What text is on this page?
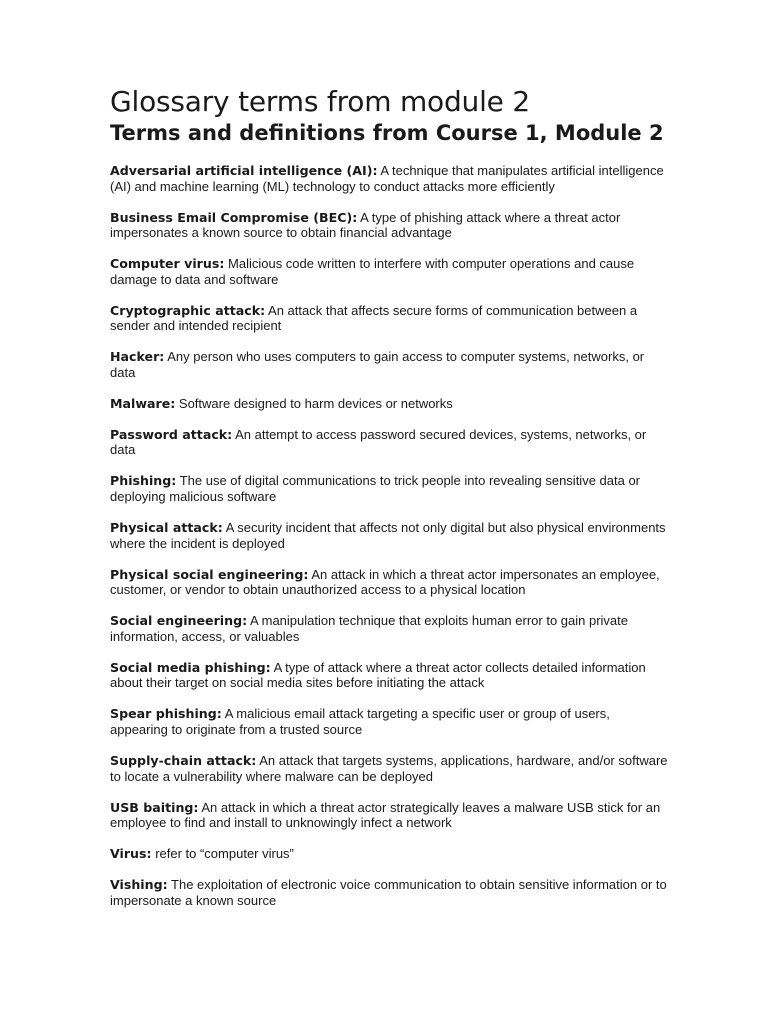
Glossary terms from module 2
Terms and definitions from Course 1, Module 2
Adversarial artificial intelligence (AI): A technique that manipulates artificial intelligence (AI) and machine learning (ML) technology to conduct attacks more efficiently
Business Email Compromise (BEC): A type of phishing attack where a threat actor impersonates a known source to obtain financial advantage
Computer virus: Malicious code written to interfere with computer operations and cause damage to data and software
Cryptographic attack: An attack that affects secure forms of communication between a sender and intended recipient
Hacker: Any person who uses computers to gain access to computer systems, networks, or data
Malware: Software designed to harm devices or networks
Password attack: An attempt to access password secured devices, systems, networks, or data
Phishing: The use of digital communications to trick people into revealing sensitive data or deploying malicious software
Physical attack: A security incident that affects not only digital but also physical environments where the incident is deployed
Physical social engineering: An attack in which a threat actor impersonates an employee, customer, or vendor to obtain unauthorized access to a physical location
Social engineering: A manipulation technique that exploits human error to gain private information, access, or valuables
Social media phishing: A type of attack where a threat actor collects detailed information about their target on social media sites before initiating the attack
Spear phishing: A malicious email attack targeting a specific user or group of users, appearing to originate from a trusted source
Supply-chain attack: An attack that targets systems, applications, hardware, and/or software to locate a vulnerability where malware can be deployed
USB baiting: An attack in which a threat actor strategically leaves a malware USB stick for an employee to find and install to unknowingly infect a network
Virus: refer to “computer virus”
Vishing: The exploitation of electronic voice communication to obtain sensitive information or to impersonate a known source
